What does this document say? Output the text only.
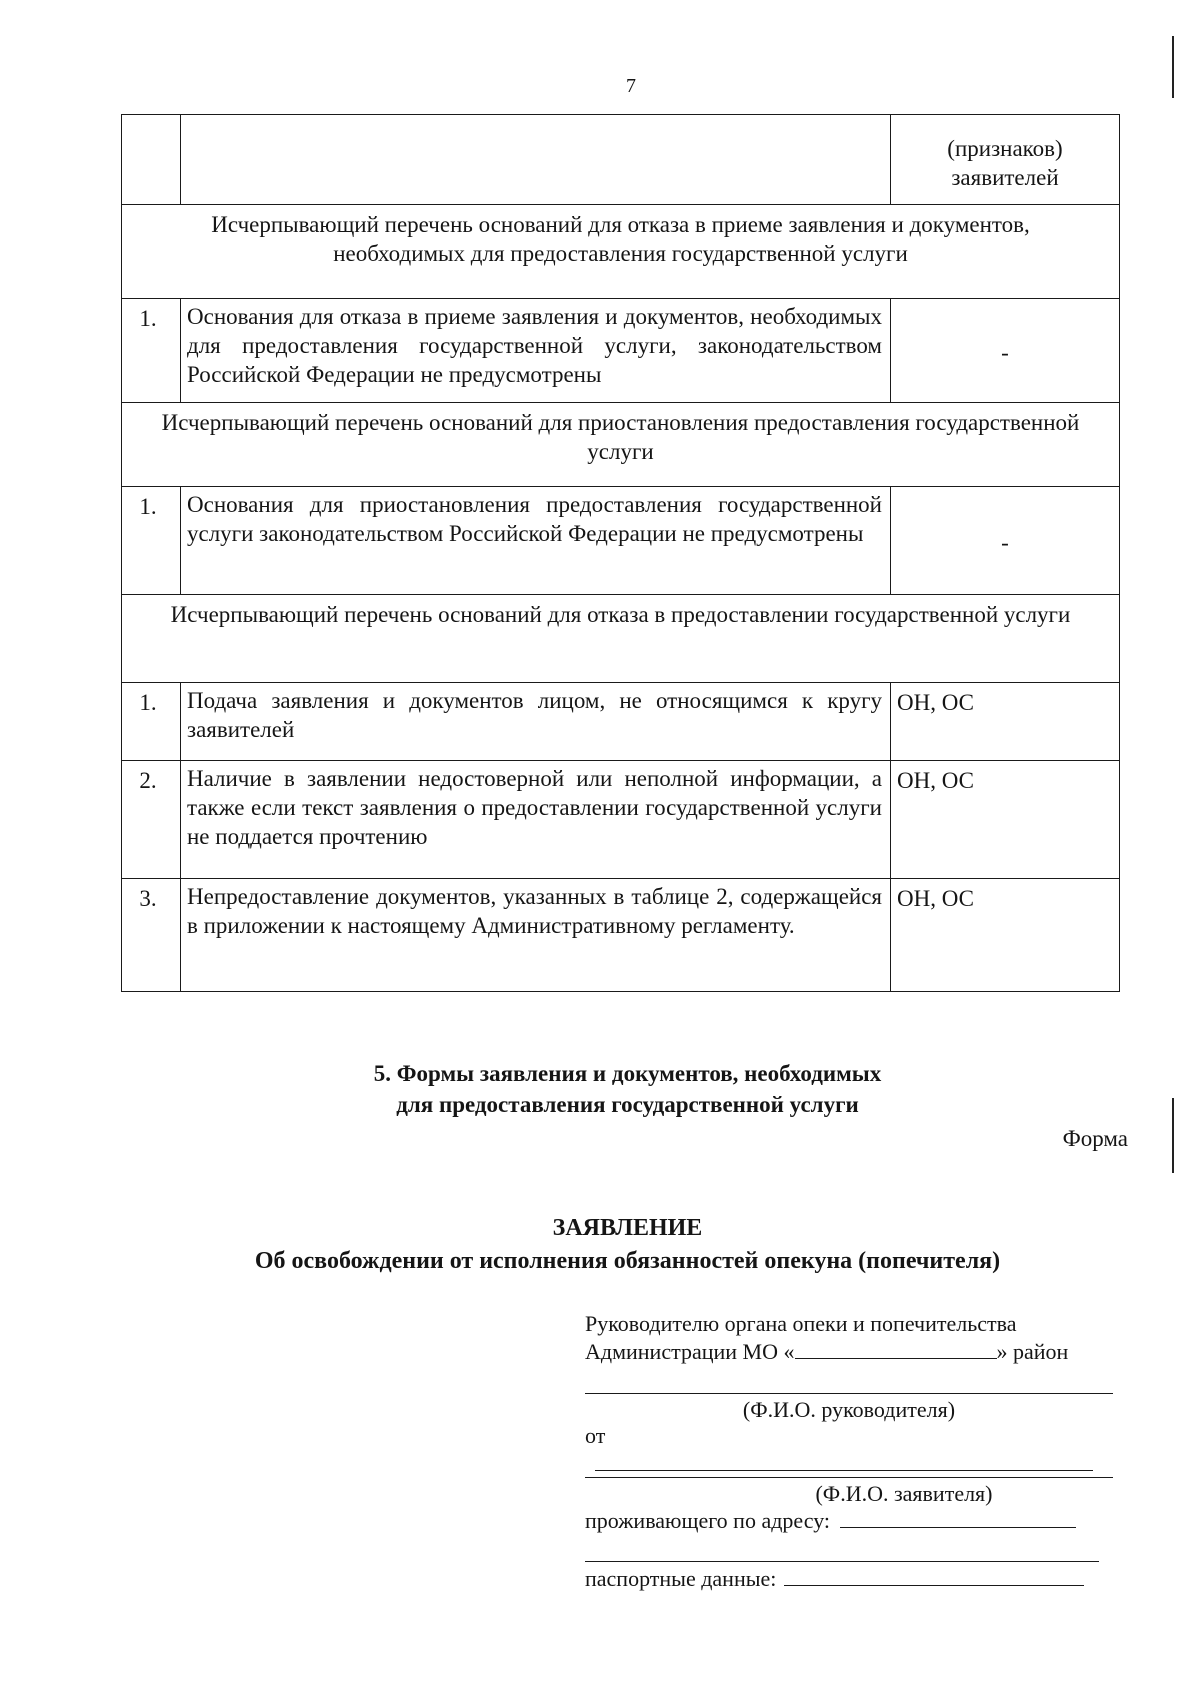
7
		(признаков) заявителей
Исчерпывающий перечень оснований для отказа в приеме заявления и документов, необходимых для предоставления государственной услуги		
1.	Основания для отказа в приеме заявления и документов, необходимых для предоставления государственной услуги, законодательством Российской Федерации не предусмотрены	-
Исчерпывающий перечень оснований для приостановления предоставления государственной услуги		
1.	Основания для приостановления предоставления государственной услуги законодательством Российской Федерации не предусмотрены	-
Исчерпывающий перечень оснований для отказа в предоставлении государственной услуги		
1.	Подача заявления и документов лицом, не относящимся к кругу заявителей	ОН, ОС
2.	Наличие в заявлении недостоверной или неполной информации, а также если текст заявления о предоставлении государственной услуги не поддается прочтению	ОН, ОС
3.	Непредоставление документов, указанных в таблице 2, содержащейся в приложении к настоящему Административному регламенту.	ОН, ОС
5. Формы заявления и документов, необходимых
для предоставления государственной услуги
Форма
ЗАЯВЛЕНИЕ
Об освобождении от исполнения обязанностей опекуна (попечителя)
Руководителю органа опеки и попечительства
Администрации МО «	» район
(Ф.И.О. руководителя)
от
(Ф.И.О. заявителя)
проживающего по адресу:
паспортные данные:
